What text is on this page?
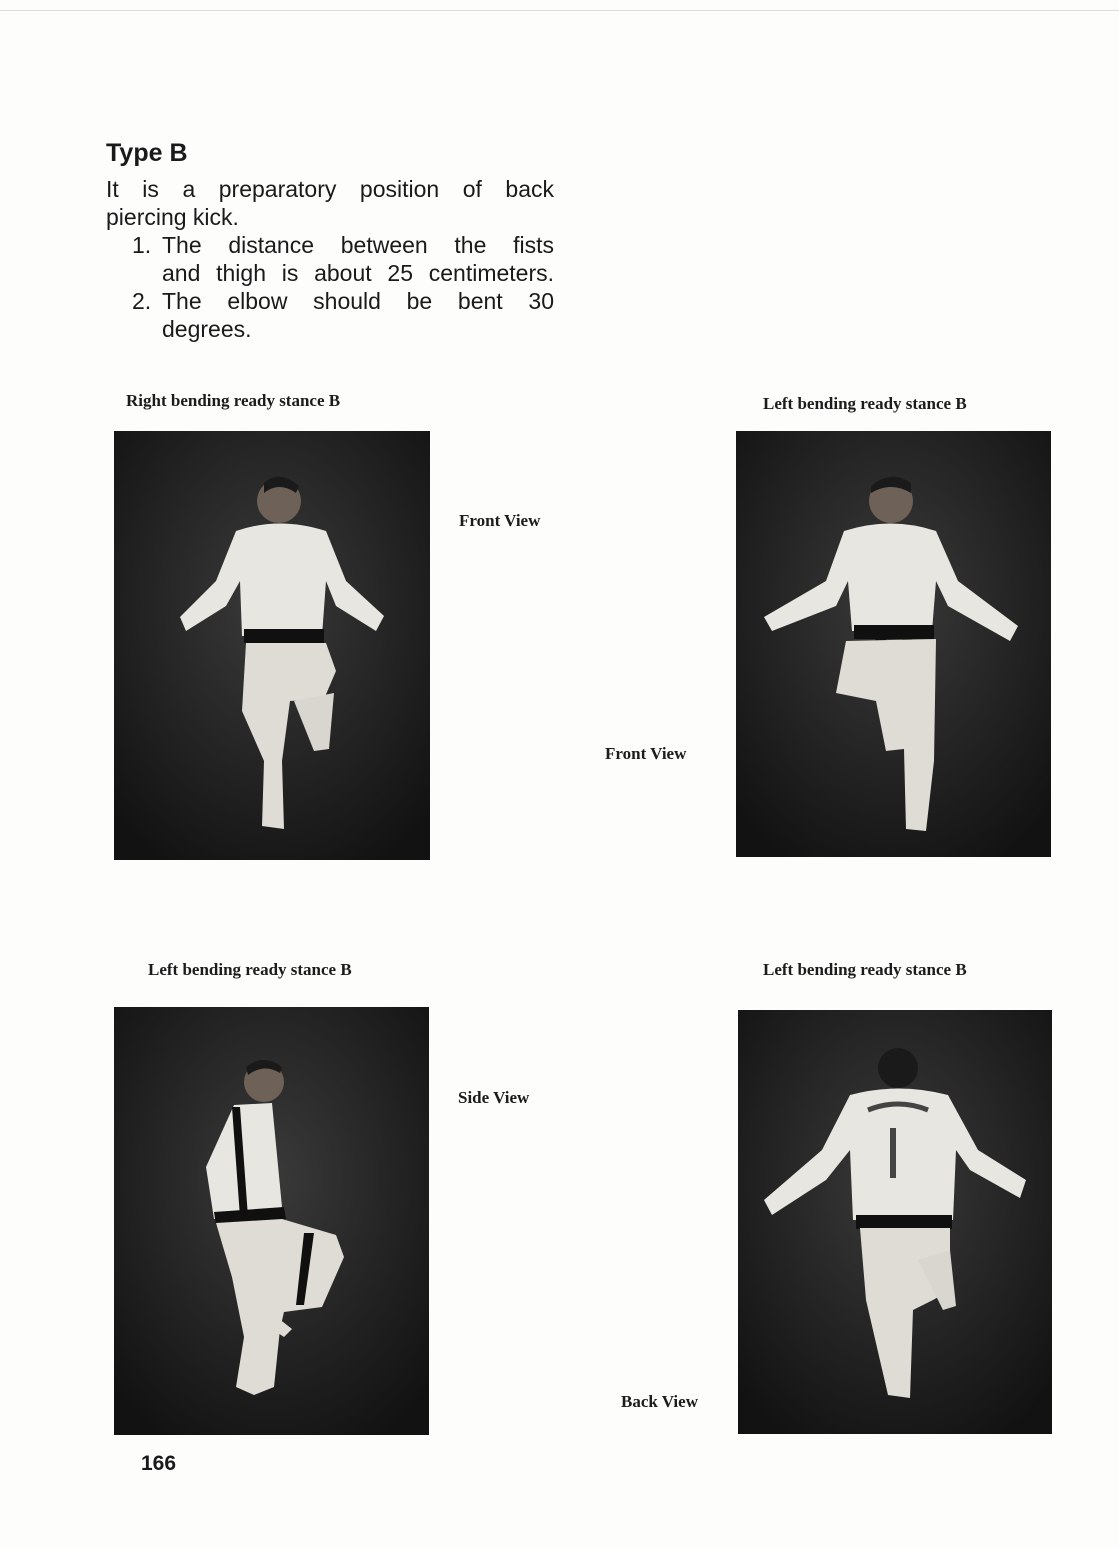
Type B

It is a preparatory position of back
piercing kick.

1. The distance between the fists
and thigh is about 25 centimeters.
2. The elbow should be bent 30
degrees.
Right bending ready stance B
Front View
Left bending ready stance B
Front View
Left bending ready stance B
Side View
Left bending ready stance B
Back View
166
